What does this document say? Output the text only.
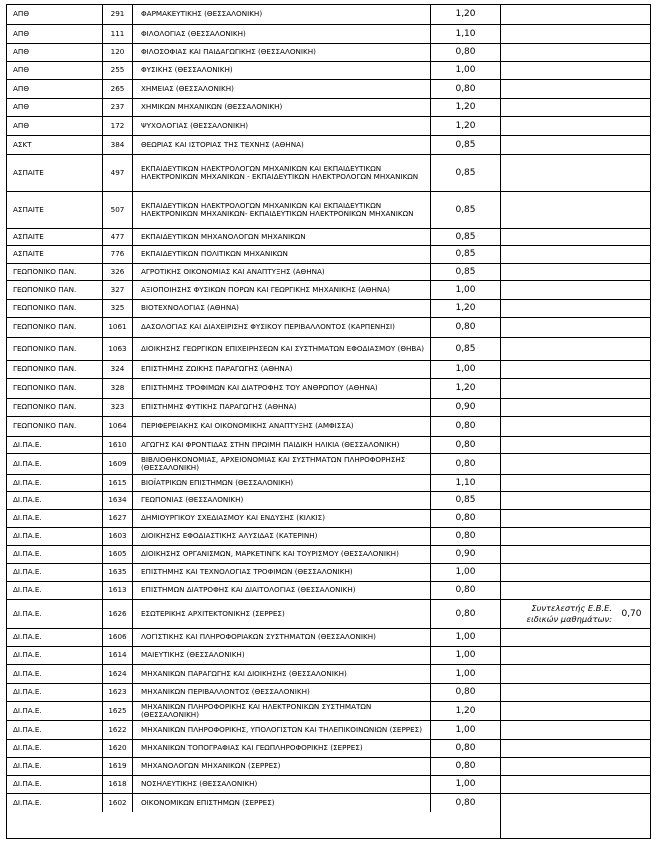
ΑΠΘ	291	ΦΑΡΜΑΚΕΥΤΙΚΗΣ (ΘΕΣΣΑΛΟΝΙΚΗ)	1,20
ΑΠΘ	111	ΦΙΛΟΛΟΓΙΑΣ (ΘΕΣΣΑΛΟΝΙΚΗ)	1,10
ΑΠΘ	120	ΦΙΛΟΣΟΦΙΑΣ ΚΑΙ ΠΑΙΔΑΓΩΓΙΚΗΣ (ΘΕΣΣΑΛΟΝΙΚΗ)	0,80
ΑΠΘ	255	ΦΥΣΙΚΗΣ (ΘΕΣΣΑΛΟΝΙΚΗ)	1,00
ΑΠΘ	265	ΧΗΜΕΙΑΣ (ΘΕΣΣΑΛΟΝΙΚΗ)	0,80
ΑΠΘ	237	ΧΗΜΙΚΩΝ ΜΗΧΑΝΙΚΩΝ (ΘΕΣΣΑΛΟΝΙΚΗ)	1,20
ΑΠΘ	172	ΨΥΧΟΛΟΓΙΑΣ (ΘΕΣΣΑΛΟΝΙΚΗ)	1,20
ΑΣΚΤ	384	ΘΕΩΡΙΑΣ ΚΑΙ ΙΣΤΟΡΙΑΣ ΤΗΣ ΤΕΧΝΗΣ (ΑΘΗΝΑ)	0,85
ΑΣΠΑΙΤΕ	497	ΕΚΠΑΙΔΕΥΤΙΚΩΝ ΗΛΕΚΤΡΟΛΟΓΩΝ ΜΗΧΑΝΙΚΩΝ ΚΑΙ ΕΚΠΑΙΔΕΥΤΙΚΩΝ ΗΛΕΚΤΡΟΝΙΚΩΝ ΜΗΧΑΝΙΚΩΝ - ΕΚΠΑΙΔΕΥΤΙΚΩΝ ΗΛΕΚΤΡΟΛΟΓΩΝ ΜΗΧΑΝΙΚΩΝ	0,85
ΑΣΠΑΙΤΕ	507	ΕΚΠΑΙΔΕΥΤΙΚΩΝ ΗΛΕΚΤΡΟΛΟΓΩΝ ΜΗΧΑΝΙΚΩΝ ΚΑΙ ΕΚΠΑΙΔΕΥΤΙΚΩΝ ΗΛΕΚΤΡΟΝΙΚΩΝ ΜΗΧΑΝΙΚΩΝ- ΕΚΠΑΙΔΕΥΤΙΚΩΝ ΗΛΕΚΤΡΟΝΙΚΩΝ ΜΗΧΑΝΙΚΩΝ	0,85
ΑΣΠΑΙΤΕ	477	ΕΚΠΑΙΔΕΥΤΙΚΩΝ ΜΗΧΑΝΟΛΟΓΩΝ ΜΗΧΑΝΙΚΩΝ	0,85
ΑΣΠΑΙΤΕ	776	ΕΚΠΑΙΔΕΥΤΙΚΩΝ ΠΟΛΙΤΙΚΩΝ ΜΗΧΑΝΙΚΩΝ	0,85
ΓΕΩΠΟΝΙΚΟ ΠΑΝ.	326	ΑΓΡΟΤΙΚΗΣ ΟΙΚΟΝΟΜΙΑΣ ΚΑΙ ΑΝΑΠΤΥΞΗΣ (ΑΘΗΝΑ)	0,85
ΓΕΩΠΟΝΙΚΟ ΠΑΝ.	327	ΑΞΙΟΠΟΙΗΣΗΣ ΦΥΣΙΚΩΝ ΠΟΡΩΝ ΚΑΙ ΓΕΩΡΓΙΚΗΣ ΜΗΧΑΝΙΚΗΣ (ΑΘΗΝΑ)	1,00
ΓΕΩΠΟΝΙΚΟ ΠΑΝ.	325	ΒΙΟΤΕΧΝΟΛΟΓΙΑΣ (ΑΘΗΝΑ)	1,20
ΓΕΩΠΟΝΙΚΟ ΠΑΝ.	1061	ΔΑΣΟΛΟΓΙΑΣ ΚΑΙ ΔΙΑΧΕΙΡΙΣΗΣ ΦΥΣΙΚΟΥ ΠΕΡΙΒΑΛΛΟΝΤΟΣ (ΚΑΡΠΕΝΗΣΙ)	0,80
ΓΕΩΠΟΝΙΚΟ ΠΑΝ.	1063	ΔΙΟΙΚΗΣΗΣ ΓΕΩΡΓΙΚΩΝ ΕΠΙΧΕΙΡΗΣΕΩΝ ΚΑΙ ΣΥΣΤΗΜΑΤΩΝ ΕΦΟΔΙΑΣΜΟΥ (ΘΗΒΑ)	0,85
ΓΕΩΠΟΝΙΚΟ ΠΑΝ.	324	ΕΠΙΣΤΗΜΗΣ ΖΩΙΚΗΣ ΠΑΡΑΓΩΓΗΣ (ΑΘΗΝΑ)	1,00
ΓΕΩΠΟΝΙΚΟ ΠΑΝ.	328	ΕΠΙΣΤΗΜΗΣ ΤΡΟΦΙΜΩΝ ΚΑΙ ΔΙΑΤΡΟΦΗΣ ΤΟΥ ΑΝΘΡΩΠΟΥ (ΑΘΗΝΑ)	1,20
ΓΕΩΠΟΝΙΚΟ ΠΑΝ.	323	ΕΠΙΣΤΗΜΗΣ ΦΥΤΙΚΗΣ ΠΑΡΑΓΩΓΗΣ (ΑΘΗΝΑ)	0,90
ΓΕΩΠΟΝΙΚΟ ΠΑΝ.	1064	ΠΕΡΙΦΕΡΕΙΑΚΗΣ ΚΑΙ ΟΙΚΟΝΟΜΙΚΗΣ ΑΝΑΠΤΥΞΗΣ (ΑΜΦΙΣΣΑ)	0,80
ΔΙ.ΠΑ.Ε.	1610	ΑΓΩΓΗΣ ΚΑΙ ΦΡΟΝΤΙΔΑΣ ΣΤΗΝ ΠΡΩΙΜΗ ΠΑΙΔΙΚΗ ΗΛΙΚΙΑ (ΘΕΣΣΑΛΟΝΙΚΗ)	0,80
ΔΙ.ΠΑ.Ε.	1609	ΒΙΒΛΙΟΘΗΚΟΝΟΜΙΑΣ, ΑΡΧΕΙΟΝΟΜΙΑΣ ΚΑΙ ΣΥΣΤΗΜΑΤΩΝ ΠΛΗΡΟΦΟΡΗΣΗΣ (ΘΕΣΣΑΛΟΝΙΚΗ)	0,80
ΔΙ.ΠΑ.Ε.	1615	ΒΙΟΪΑΤΡΙΚΩΝ ΕΠΙΣΤΗΜΩΝ (ΘΕΣΣΑΛΟΝΙΚΗ)	1,10
ΔΙ.ΠΑ.Ε.	1634	ΓΕΩΠΟΝΙΑΣ (ΘΕΣΣΑΛΟΝΙΚΗ)	0,85
ΔΙ.ΠΑ.Ε.	1627	ΔΗΜΙΟΥΡΓΙΚΟΥ ΣΧΕΔΙΑΣΜΟΥ ΚΑΙ ΕΝΔΥΣΗΣ (ΚΙΛΚΙΣ)	0,80
ΔΙ.ΠΑ.Ε.	1603	ΔΙΟΙΚΗΣΗΣ ΕΦΟΔΙΑΣΤΙΚΗΣ ΑΛΥΣΙΔΑΣ (ΚΑΤΕΡΙΝΗ)	0,80
ΔΙ.ΠΑ.Ε.	1605	ΔΙΟΙΚΗΣΗΣ ΟΡΓΑΝΙΣΜΩΝ, ΜΑΡΚΕΤΙΝΓΚ ΚΑΙ ΤΟΥΡΙΣΜΟΥ (ΘΕΣΣΑΛΟΝΙΚΗ)	0,90
ΔΙ.ΠΑ.Ε.	1635	ΕΠΙΣΤΗΜΗΣ ΚΑΙ ΤΕΧΝΟΛΟΓΙΑΣ ΤΡΟΦΙΜΩΝ (ΘΕΣΣΑΛΟΝΙΚΗ)	1,00
ΔΙ.ΠΑ.Ε.	1613	ΕΠΙΣΤΗΜΩΝ ΔΙΑΤΡΟΦΗΣ ΚΑΙ ΔΙΑΙΤΟΛΟΓΙΑΣ (ΘΕΣΣΑΛΟΝΙΚΗ)	0,80
ΔΙ.ΠΑ.Ε.	1626	ΕΣΩΤΕΡΙΚΗΣ ΑΡΧΙΤΕΚΤΟΝΙΚΗΣ (ΣΕΡΡΕΣ)	0,80
ΔΙ.ΠΑ.Ε.	1606	ΛΟΓΙΣΤΙΚΗΣ ΚΑΙ ΠΛΗΡΟΦΟΡΙΑΚΩΝ ΣΥΣΤΗΜΑΤΩΝ (ΘΕΣΣΑΛΟΝΙΚΗ)	1,00
ΔΙ.ΠΑ.Ε.	1614	ΜΑΙΕΥΤΙΚΗΣ (ΘΕΣΣΑΛΟΝΙΚΗ)	1,00
ΔΙ.ΠΑ.Ε.	1624	ΜΗΧΑΝΙΚΩΝ ΠΑΡΑΓΩΓΗΣ ΚΑΙ ΔΙΟΙΚΗΣΗΣ (ΘΕΣΣΑΛΟΝΙΚΗ)	1,00
ΔΙ.ΠΑ.Ε.	1623	ΜΗΧΑΝΙΚΩΝ ΠΕΡΙΒΑΛΛΟΝΤΟΣ (ΘΕΣΣΑΛΟΝΙΚΗ)	0,80
ΔΙ.ΠΑ.Ε.	1625	ΜΗΧΑΝΙΚΩΝ ΠΛΗΡΟΦΟΡΙΚΗΣ ΚΑΙ ΗΛΕΚΤΡΟΝΙΚΩΝ ΣΥΣΤΗΜΑΤΩΝ (ΘΕΣΣΑΛΟΝΙΚΗ)	1,20
ΔΙ.ΠΑ.Ε.	1622	ΜΗΧΑΝΙΚΩΝ ΠΛΗΡΟΦΟΡΙΚΗΣ, ΥΠΟΛΟΓΙΣΤΩΝ ΚΑΙ ΤΗΛΕΠΙΚΟΙΝΩΝΙΩΝ (ΣΕΡΡΕΣ)	1,00
ΔΙ.ΠΑ.Ε.	1620	ΜΗΧΑΝΙΚΩΝ ΤΟΠΟΓΡΑΦΙΑΣ ΚΑΙ ΓΕΩΠΛΗΡΟΦΟΡΙΚΗΣ (ΣΕΡΡΕΣ)	0,80
ΔΙ.ΠΑ.Ε.	1619	ΜΗΧΑΝΟΛΟΓΩΝ ΜΗΧΑΝΙΚΩΝ (ΣΕΡΡΕΣ)	0,80
ΔΙ.ΠΑ.Ε.	1618	ΝΟΣΗΛΕΥΤΙΚΗΣ (ΘΕΣΣΑΛΟΝΙΚΗ)	1,00
ΔΙ.ΠΑ.Ε.	1602	ΟΙΚΟΝΟΜΙΚΩΝ ΕΠΙΣΤΗΜΩΝ (ΣΕΡΡΕΣ)	0,80
Συντελεστής Ε.Β.Ε. ειδικών μαθημάτων:	0,70
